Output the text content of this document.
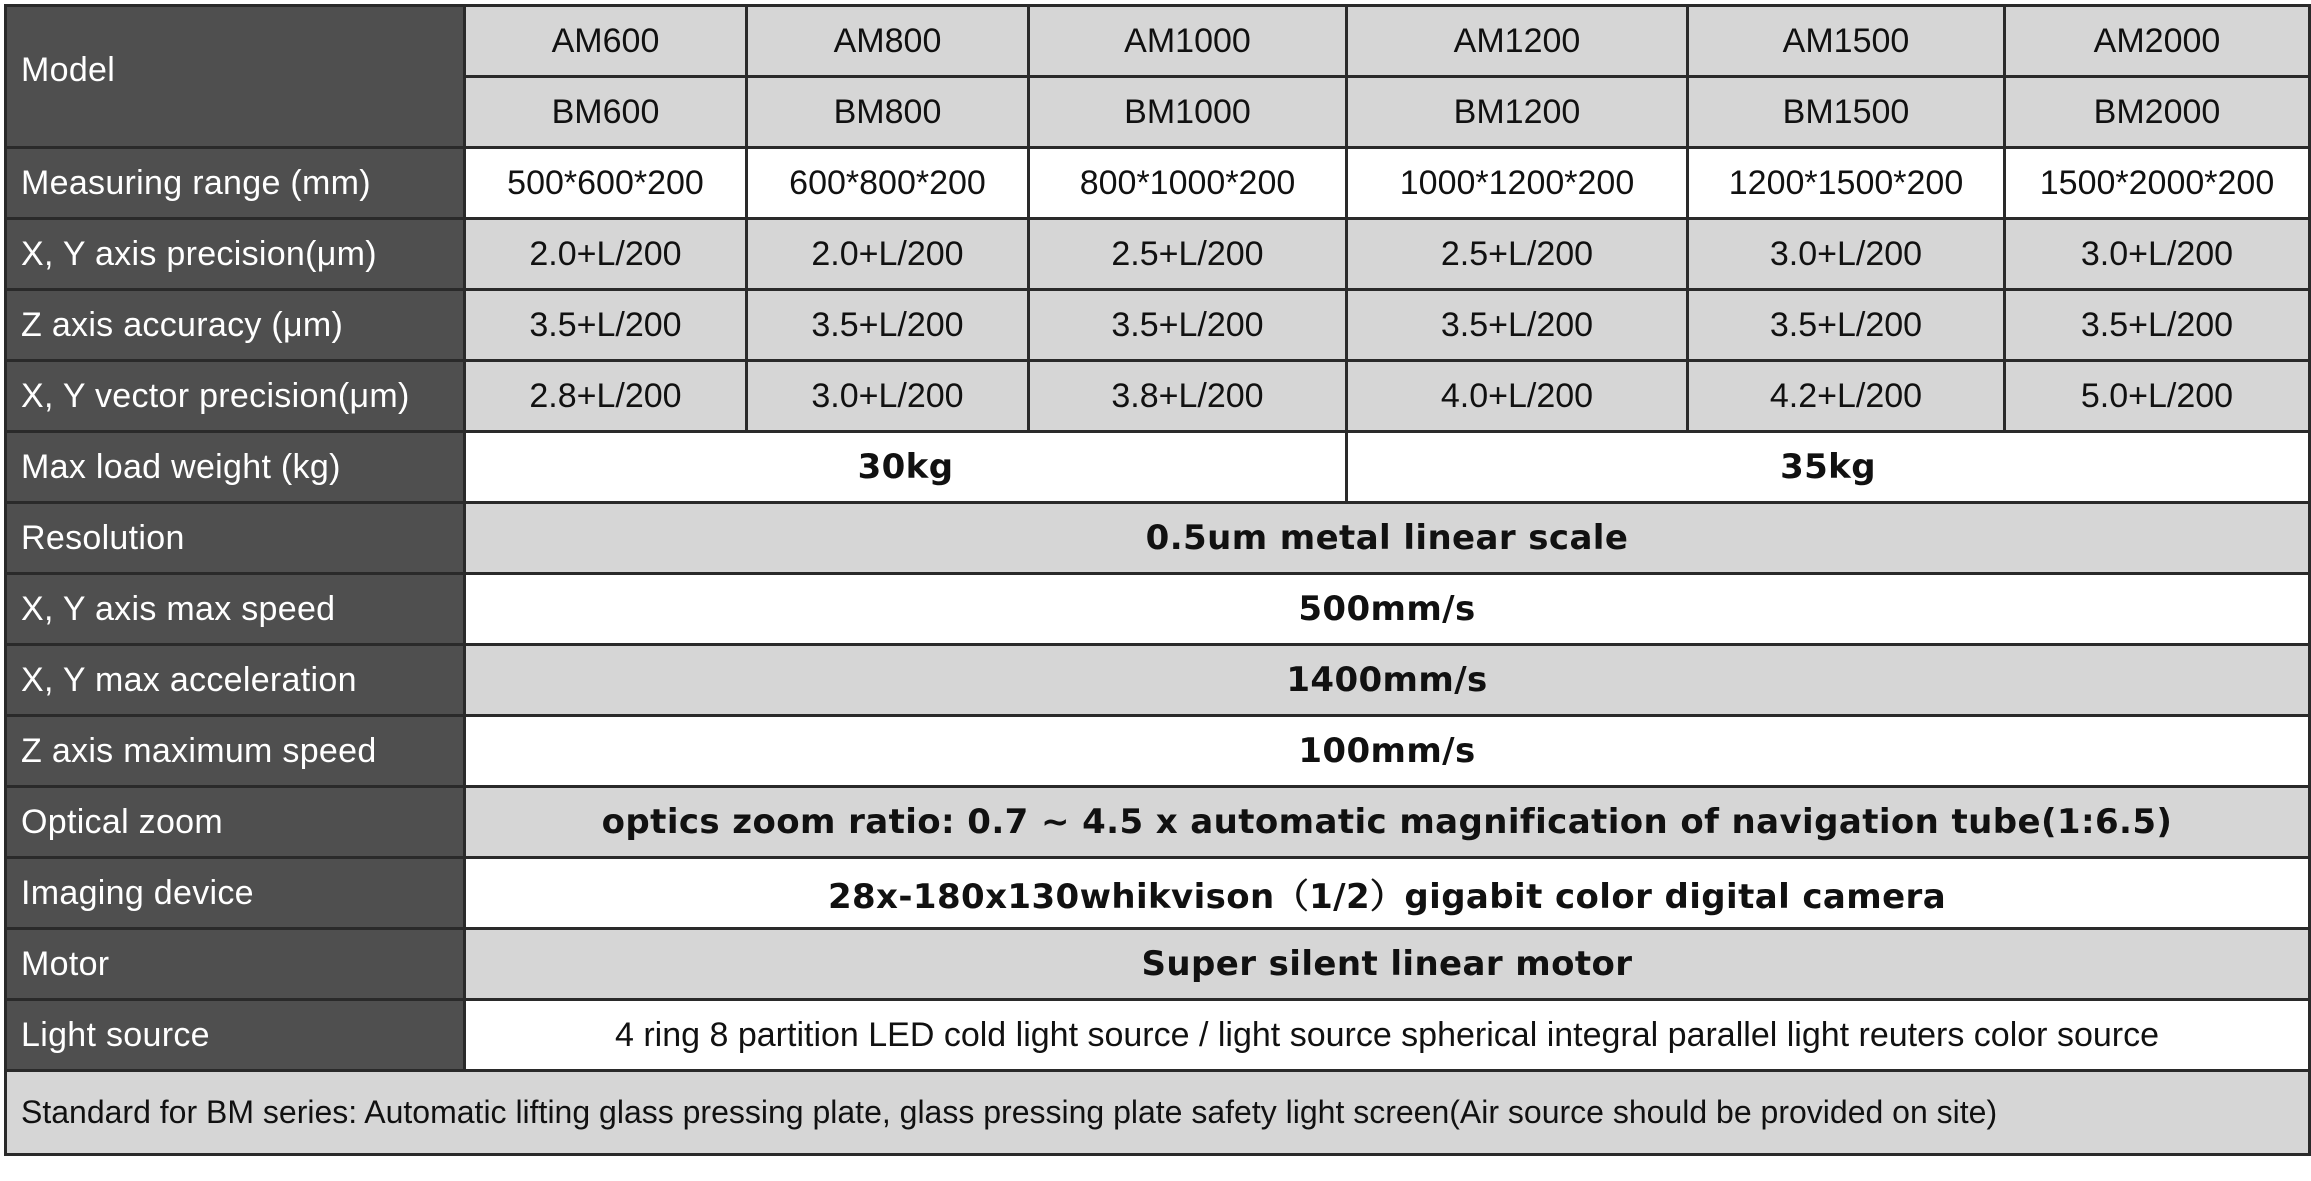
Model	AM600	AM800	AM1000	AM1200	AM1500	AM2000
	BM600	BM800	BM1000	BM1200	BM1500	BM2000
Measuring range (mm)	500*600*200	600*800*200	800*1000*200	1000*1200*200	1200*1500*200	1500*2000*200
X, Y axis precision(μm)	2.0+L/200	2.0+L/200	2.5+L/200	2.5+L/200	3.0+L/200	3.0+L/200
Z axis accuracy (μm)	3.5+L/200	3.5+L/200	3.5+L/200	3.5+L/200	3.5+L/200	3.5+L/200
X, Y vector precision(μm)	2.8+L/200	3.0+L/200	3.8+L/200	4.0+L/200	4.2+L/200	5.0+L/200
Max load weight (kg)	30kg			35kg		
Resolution	0.5um metal linear scale					
X, Y axis max speed	500mm/s					
X, Y max acceleration	1400mm/s					
Z axis maximum speed	100mm/s					
Optical zoom	optics zoom ratio: 0.7 ~ 4.5 x automatic magnification of navigation tube(1:6.5)					
Imaging device	28x-180x130whikvison（1/2）gigabit color digital camera					
Motor	Super silent linear motor					
Light source	4 ring 8 partition LED cold light source / light source spherical integral parallel light reuters color source					
Standard for BM series: Automatic lifting glass pressing plate, glass pressing plate safety light screen(Air source should be provided on site)						
